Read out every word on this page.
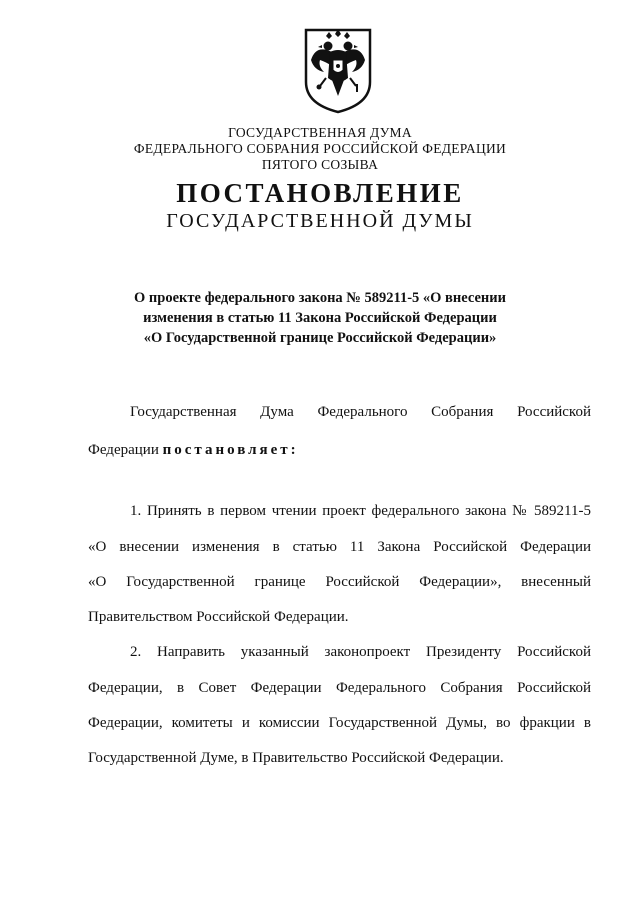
ГОСУДАРСТВЕННАЯ ДУМА
ФЕДЕРАЛЬНОГО СОБРАНИЯ РОССИЙСКОЙ ФЕДЕРАЦИИ
ПЯТОГО СОЗЫВА
ПОСТАНОВЛЕНИЕ
ГОСУДАРСТВЕННОЙ ДУМЫ
О проекте федерального закона № 589211-5 «О внесении
изменения в статью 11 Закона Российской Федерации
«О Государственной границе Российской Федерации»
Государственная Дума Федерального Собрания Российской
Федерации постановляет:
1. Принять в первом чтении проект федерального закона № 589211-5
«О внесении изменения в статью 11 Закона Российской Федерации
«О Государственной границе Российской Федерации», внесенный
Правительством Российской Федерации.
2. Направить указанный законопроект Президенту Российской
Федерации, в Совет Федерации Федерального Собрания Российской
Федерации, комитеты и комиссии Государственной Думы, во фракции в
Государственной Думе, в Правительство Российской Федерации.
